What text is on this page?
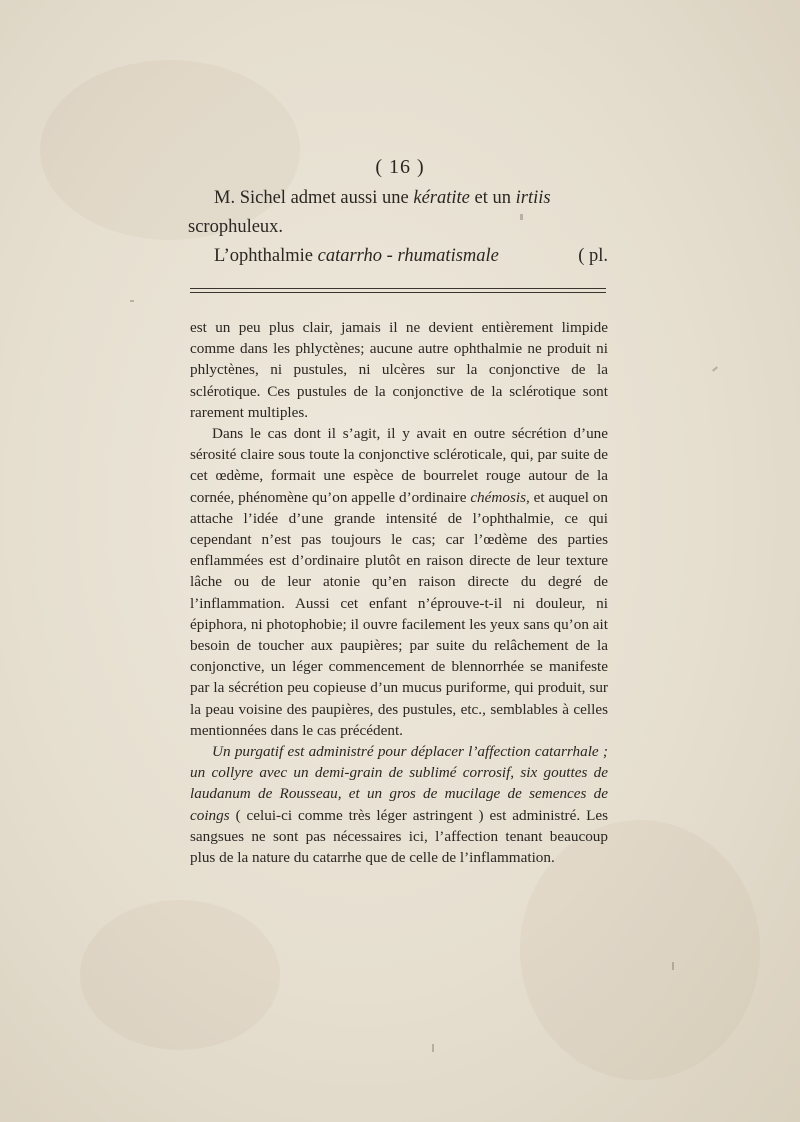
( 16 )

M. Sichel admet aussi une kératite et un irtiis

scrophuleux.

L’ophthalmie catarrho - rhumatismale	( pl.

est un peu plus clair, jamais il ne devient entièrement limpide comme dans les phlyctènes; aucune autre ophthalmie ne produit ni phlyctènes, ni pustules, ni ulcères sur la conjonctive de la sclérotique. Ces pustules de la conjonctive de la sclérotique sont rarement multiples.

Dans le cas dont il s’agit, il y avait en outre sécrétion d’une sérosité claire sous toute la conjonctive scléroticale, qui, par suite de cet œdème, formait une espèce de bourrelet rouge autour de la cornée, phénomène qu’on appelle d’ordinaire chémosis, et auquel on attache l’idée d’une grande intensité de l’ophthalmie, ce qui cependant n’est pas toujours le cas; car l’œdème des parties enflammées est d’ordinaire plutôt en raison directe de leur texture lâche ou de leur atonie qu’en raison directe du degré de l’inflammation. Aussi cet enfant n’éprouve-t-il ni douleur, ni épiphora, ni photophobie; il ouvre facilement les yeux sans qu’on ait besoin de toucher aux paupières; par suite du relâchement de la conjonctive, un léger commencement de blennorrhée se manifeste par la sécrétion peu copieuse d’un mucus puriforme, qui produit, sur la peau voisine des paupières, des pustules, etc., semblables à celles mentionnées dans le cas précédent.

Un purgatif est administré pour déplacer l’affection catarrhale ; un collyre avec un demi-grain de sublimé corrosif, six gouttes de laudanum de Rousseau, et un gros de mucilage de semences de coings ( celui-ci comme très léger astringent ) est administré. Les sangsues ne sont pas nécessaires ici, l’affection tenant beaucoup plus de la nature du catarrhe que de celle de l’inflammation.
